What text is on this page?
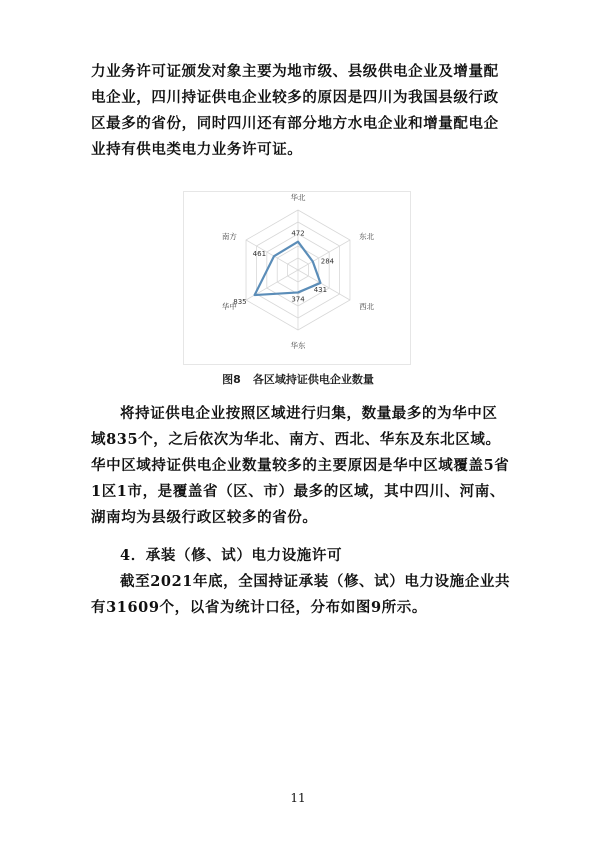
力业务许可证颁发对象主要为地市级、县级供电企业及增量配电企业，四川持证供电企业较多的原因是四川为我国县级行政区最多的省份，同时四川还有部分地方水电企业和增量配电企业持有供电类电力业务许可证。

华北
东北
西北
华东
华中
南方	472
284
431
374
835
461
图8 各区域持证供电企业数量

将持证供电企业按照区域进行归集，数量最多的为华中区域835个，之后依次为华北、南方、西北、华东及东北区域。华中区域持证供电企业数量较多的主要原因是华中区域覆盖5省1区1市，是覆盖省（区、市）最多的区域，其中四川、河南、湖南均为县级行政区较多的省份。

4．承装（修、试）电力设施许可

截至2021年底，全国持证承装（修、试）电力设施企业共有31609个，以省为统计口径，分布如图9所示。

11
